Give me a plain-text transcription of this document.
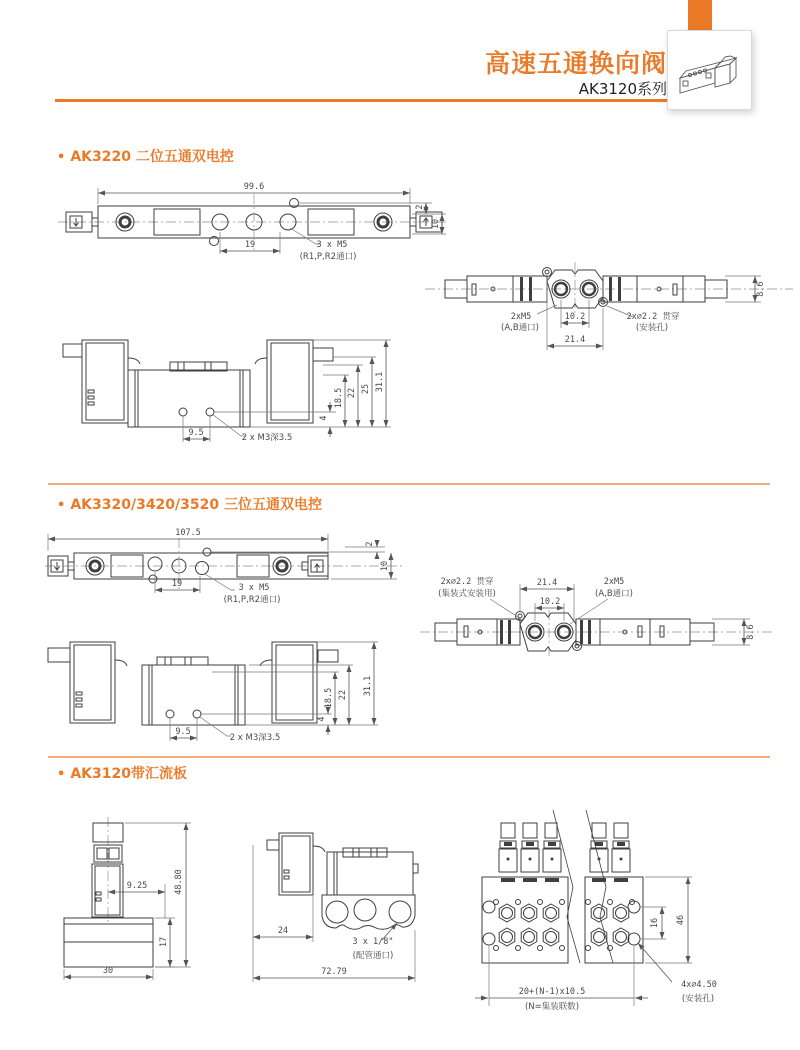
高速五通换向阀
AK3120系列
• AK3220 二位五通双电控
99.6
2
10
19	3 x M5
(R1,P,R2通口)
8.6
2xM5
(A,B通口)
10.2
21.4
2x∅2.2 贯穿
(安装孔)
4
18.5 22 25 31.1
9.5	2 x M3深3.5
• AK3320/3420/3520 三位五通双电控
107.5
2
10
19	3 x M5
(R1,P,R2通口)
2x∅2.2 贯穿
(集装式安装用)
21.4
10.2
2xM5
(A,B通口)
8.6
4
18.5 22 31.1
9.5
2 x M3深3.5
• AK3120带汇流板
48.80
9.25
17
30
24
3 x 1/8"
(配管通口)
72.79
16 46
20+(N-1)x10.5
(N=集装联数)
4x∅4.50
(安装孔)
